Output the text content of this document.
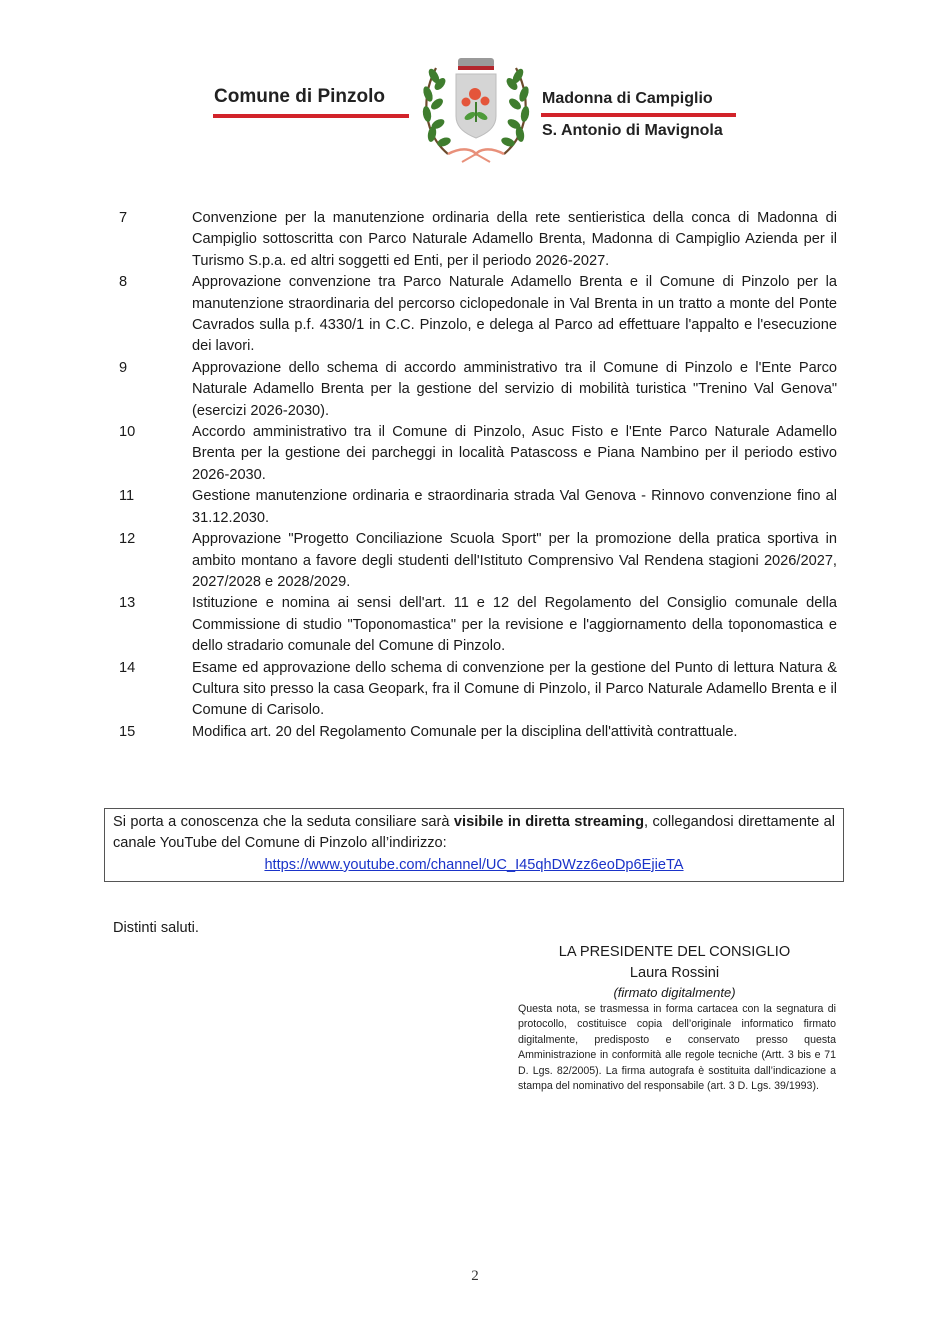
Comune di Pinzolo	Madonna di Campiglio
S. Antonio di Mavignola
7	Convenzione per la manutenzione ordinaria della rete sentieristica della conca di Madonna di Campiglio sottoscritta con Parco Naturale Adamello Brenta, Madonna di Campiglio Azienda per il Turismo S.p.a. ed altri soggetti ed Enti, per il periodo 2026-2027.
8	Approvazione convenzione tra Parco Naturale Adamello Brenta e il Comune di Pinzolo per la manutenzione straordinaria del percorso ciclopedonale in Val Brenta in un tratto a monte del Ponte Cavrados sulla p.f. 4330/1 in C.C. Pinzolo, e delega al Parco ad effettuare l'appalto e l'esecuzione dei lavori.
9	Approvazione dello schema di accordo amministrativo tra il Comune di Pinzolo e l'Ente Parco Naturale Adamello Brenta per la gestione del servizio di mobilità turistica "Trenino Val Genova" (esercizi 2026-2030).
10	Accordo amministrativo tra il Comune di Pinzolo, Asuc Fisto e l'Ente Parco Naturale Adamello Brenta per la gestione dei parcheggi in località Patascoss e Piana Nambino per il periodo estivo 2026-2030.
11	Gestione manutenzione ordinaria e straordinaria strada Val Genova - Rinnovo convenzione fino al 31.12.2030.
12	Approvazione "Progetto Conciliazione Scuola Sport" per la promozione della pratica sportiva in ambito montano a favore degli studenti dell'Istituto Comprensivo Val Rendena stagioni 2026/2027, 2027/2028 e 2028/2029.
13	Istituzione e nomina ai sensi dell'art. 11 e 12 del Regolamento del Consiglio comunale della Commissione di studio "Toponomastica" per la revisione e l'aggiornamento della toponomastica e dello stradario comunale del Comune di Pinzolo.
14	Esame ed approvazione dello schema di convenzione per la gestione del Punto di lettura Natura & Cultura sito presso la casa Geopark, fra il Comune di Pinzolo, il Parco Naturale Adamello Brenta e il Comune di Carisolo.
15	Modifica art. 20 del Regolamento Comunale per la disciplina dell'attività contrattuale.
Si porta a conoscenza che la seduta consiliare sarà visibile in diretta streaming, collegandosi direttamente al canale YouTube del Comune di Pinzolo all’indirizzo:
https://www.youtube.com/channel/UC_I45qhDWzz6eoDp6EjieTA
Distinti saluti.
LA PRESIDENTE DEL CONSIGLIO
Laura Rossini
(firmato digitalmente)
Questa nota, se trasmessa in forma cartacea con la segnatura di protocollo, costituisce copia dell’originale informatico firmato digitalmente, predisposto e conservato presso questa Amministrazione in conformità alle regole tecniche (Artt. 3 bis e 71 D. Lgs. 82/2005). La firma autografa è sostituita dall’indicazione a stampa del nominativo del responsabile (art. 3 D. Lgs. 39/1993).
2
